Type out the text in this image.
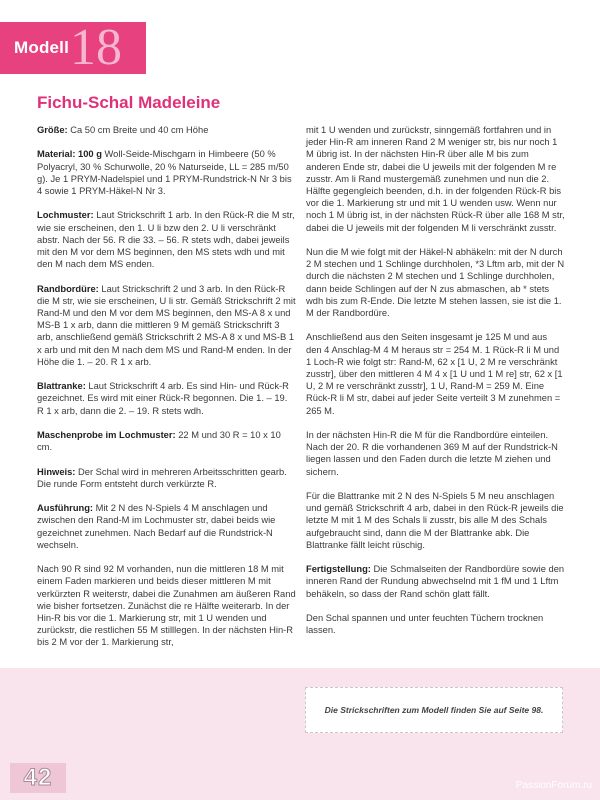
Modell 18
Fichu-Schal Madeleine

Größe: Ca 50 cm Breite und 40 cm Höhe

Material: 100 g Woll-Seide-Mischgarn in Himbeere (50 % Polyacryl, 30 % Schurwolle, 20 % Naturseide, LL = 285 m/50 g). Je 1 PRYM-Nadelspiel und 1 PRYM-Rundstrick-N Nr 3 bis 4 sowie 1 PRYM-Häkel-N Nr 3.

Lochmuster: Laut Strickschrift 1 arb. In den Rück-R die M str, wie sie erscheinen, den 1. U li bzw den 2. U li verschränkt abstr. Nach der 56. R die 33. – 56. R stets wdh, dabei jeweils mit den M vor dem MS beginnen, den MS stets wdh und mit den M nach dem MS enden.

Randbordüre: Laut Strickschrift 2 und 3 arb. In den Rück-R die M str, wie sie erscheinen, U li str. Gemäß Strickschrift 2 mit Rand-M und den M vor dem MS beginnen, den MS-A 8 x und MS-B 1 x arb, dann die mittleren 9 M gemäß Strickschrift 3 arb, anschließend gemäß Strickschrift 2 MS-A 8 x und MS-B 1 x arb und mit den M nach dem MS und Rand-M enden. In der Höhe die 1. – 20. R 1 x arb.

Blattranke: Laut Strickschrift 4 arb. Es sind Hin- und Rück-R gezeichnet. Es wird mit einer Rück-R begonnen. Die 1. – 19. R 1 x arb, dann die 2. – 19. R stets wdh.

Maschenprobe im Lochmuster: 22 M und 30 R = 10 x 10 cm.

Hinweis: Der Schal wird in mehreren Arbeitsschritten gearb. Die runde Form entsteht durch verkürzte R.

Ausführung: Mit 2 N des N-Spiels 4 M anschlagen und zwischen den Rand-M im Lochmuster str, dabei beids wie gezeichnet zunehmen. Nach Bedarf auf die Rundstrick-N wechseln.

Nach 90 R sind 92 M vorhanden, nun die mittleren 18 M mit einem Faden markieren und beids dieser mittleren M mit verkürzten R weiterstr, dabei die Zunahmen am äußeren Rand wie bisher fortsetzen. Zunächst die re Hälfte weiterarb. In der Hin-R bis vor die 1. Markierung str, mit 1 U wenden und zurückstr, die restlichen 55 M stilllegen. In der nächsten Hin-R bis 2 M vor der 1. Markierung str,

mit 1 U wenden und zurückstr, sinngemäß fortfahren und in jeder Hin-R am inneren Rand 2 M weniger str, bis nur noch 1 M übrig ist. In der nächsten Hin-R über alle M bis zum anderen Ende str, dabei die U jeweils mit der folgenden M re zusstr. Am li Rand mustergemäß zunehmen und nun die 2. Hälfte gegengleich beenden, d.h. in der folgenden Rück-R bis vor die 1. Markierung str und mit 1 U wenden usw. Wenn nur noch 1 M übrig ist, in der nächsten Rück-R über alle 168 M str, dabei die U jeweils mit der folgenden M li verschränkt zusstr.

Nun die M wie folgt mit der Häkel-N abhäkeln: mit der N durch 2 M stechen und 1 Schlinge durchholen, *3 Lftm arb, mit der N durch die nächsten 2 M stechen und 1 Schlinge durchholen, dann beide Schlingen auf der N zus abmaschen, ab * stets wdh bis zum R-Ende. Die letzte M stehen lassen, sie ist die 1. M der Randbordüre.

Anschließend aus den Seiten insgesamt je 125 M und aus den 4 Anschlag-M 4 M heraus str = 254 M. 1 Rück-R li M und 1 Loch-R wie folgt str: Rand-M, 62 x [1 U, 2 M re verschränkt zusstr], über den mittleren 4 M 4 x [1 U und 1 M re] str, 62 x [1 U, 2 M re verschränkt zusstr], 1 U, Rand-M = 259 M. Eine Rück-R li M str, dabei auf jeder Seite verteilt 3 M zunehmen = 265 M.

In der nächsten Hin-R die M für die Randbordüre einteilen. Nach der 20. R die vorhandenen 369 M auf der Rundstrick-N liegen lassen und den Faden durch die letzte M ziehen und sichern.

Für die Blattranke mit 2 N des N-Spiels 5 M neu anschlagen und gemäß Strickschrift 4 arb, dabei in den Rück-R jeweils die letzte M mit 1 M des Schals li zusstr, bis alle M des Schals aufgebraucht sind, dann die M der Blattranke abk. Die Blattranke fällt leicht rüschig.

Fertigstellung: Die Schmalseiten der Randbordüre sowie den inneren Rand der Rundung abwechselnd mit 1 fM und 1 Lftm behäkeln, so dass der Rand schön glatt fällt.

Den Schal spannen und unter feuchten Tüchern trocknen lassen.

Die Strickschriften zum Modell finden Sie auf Seite 98.
42	PassionForum.ru
